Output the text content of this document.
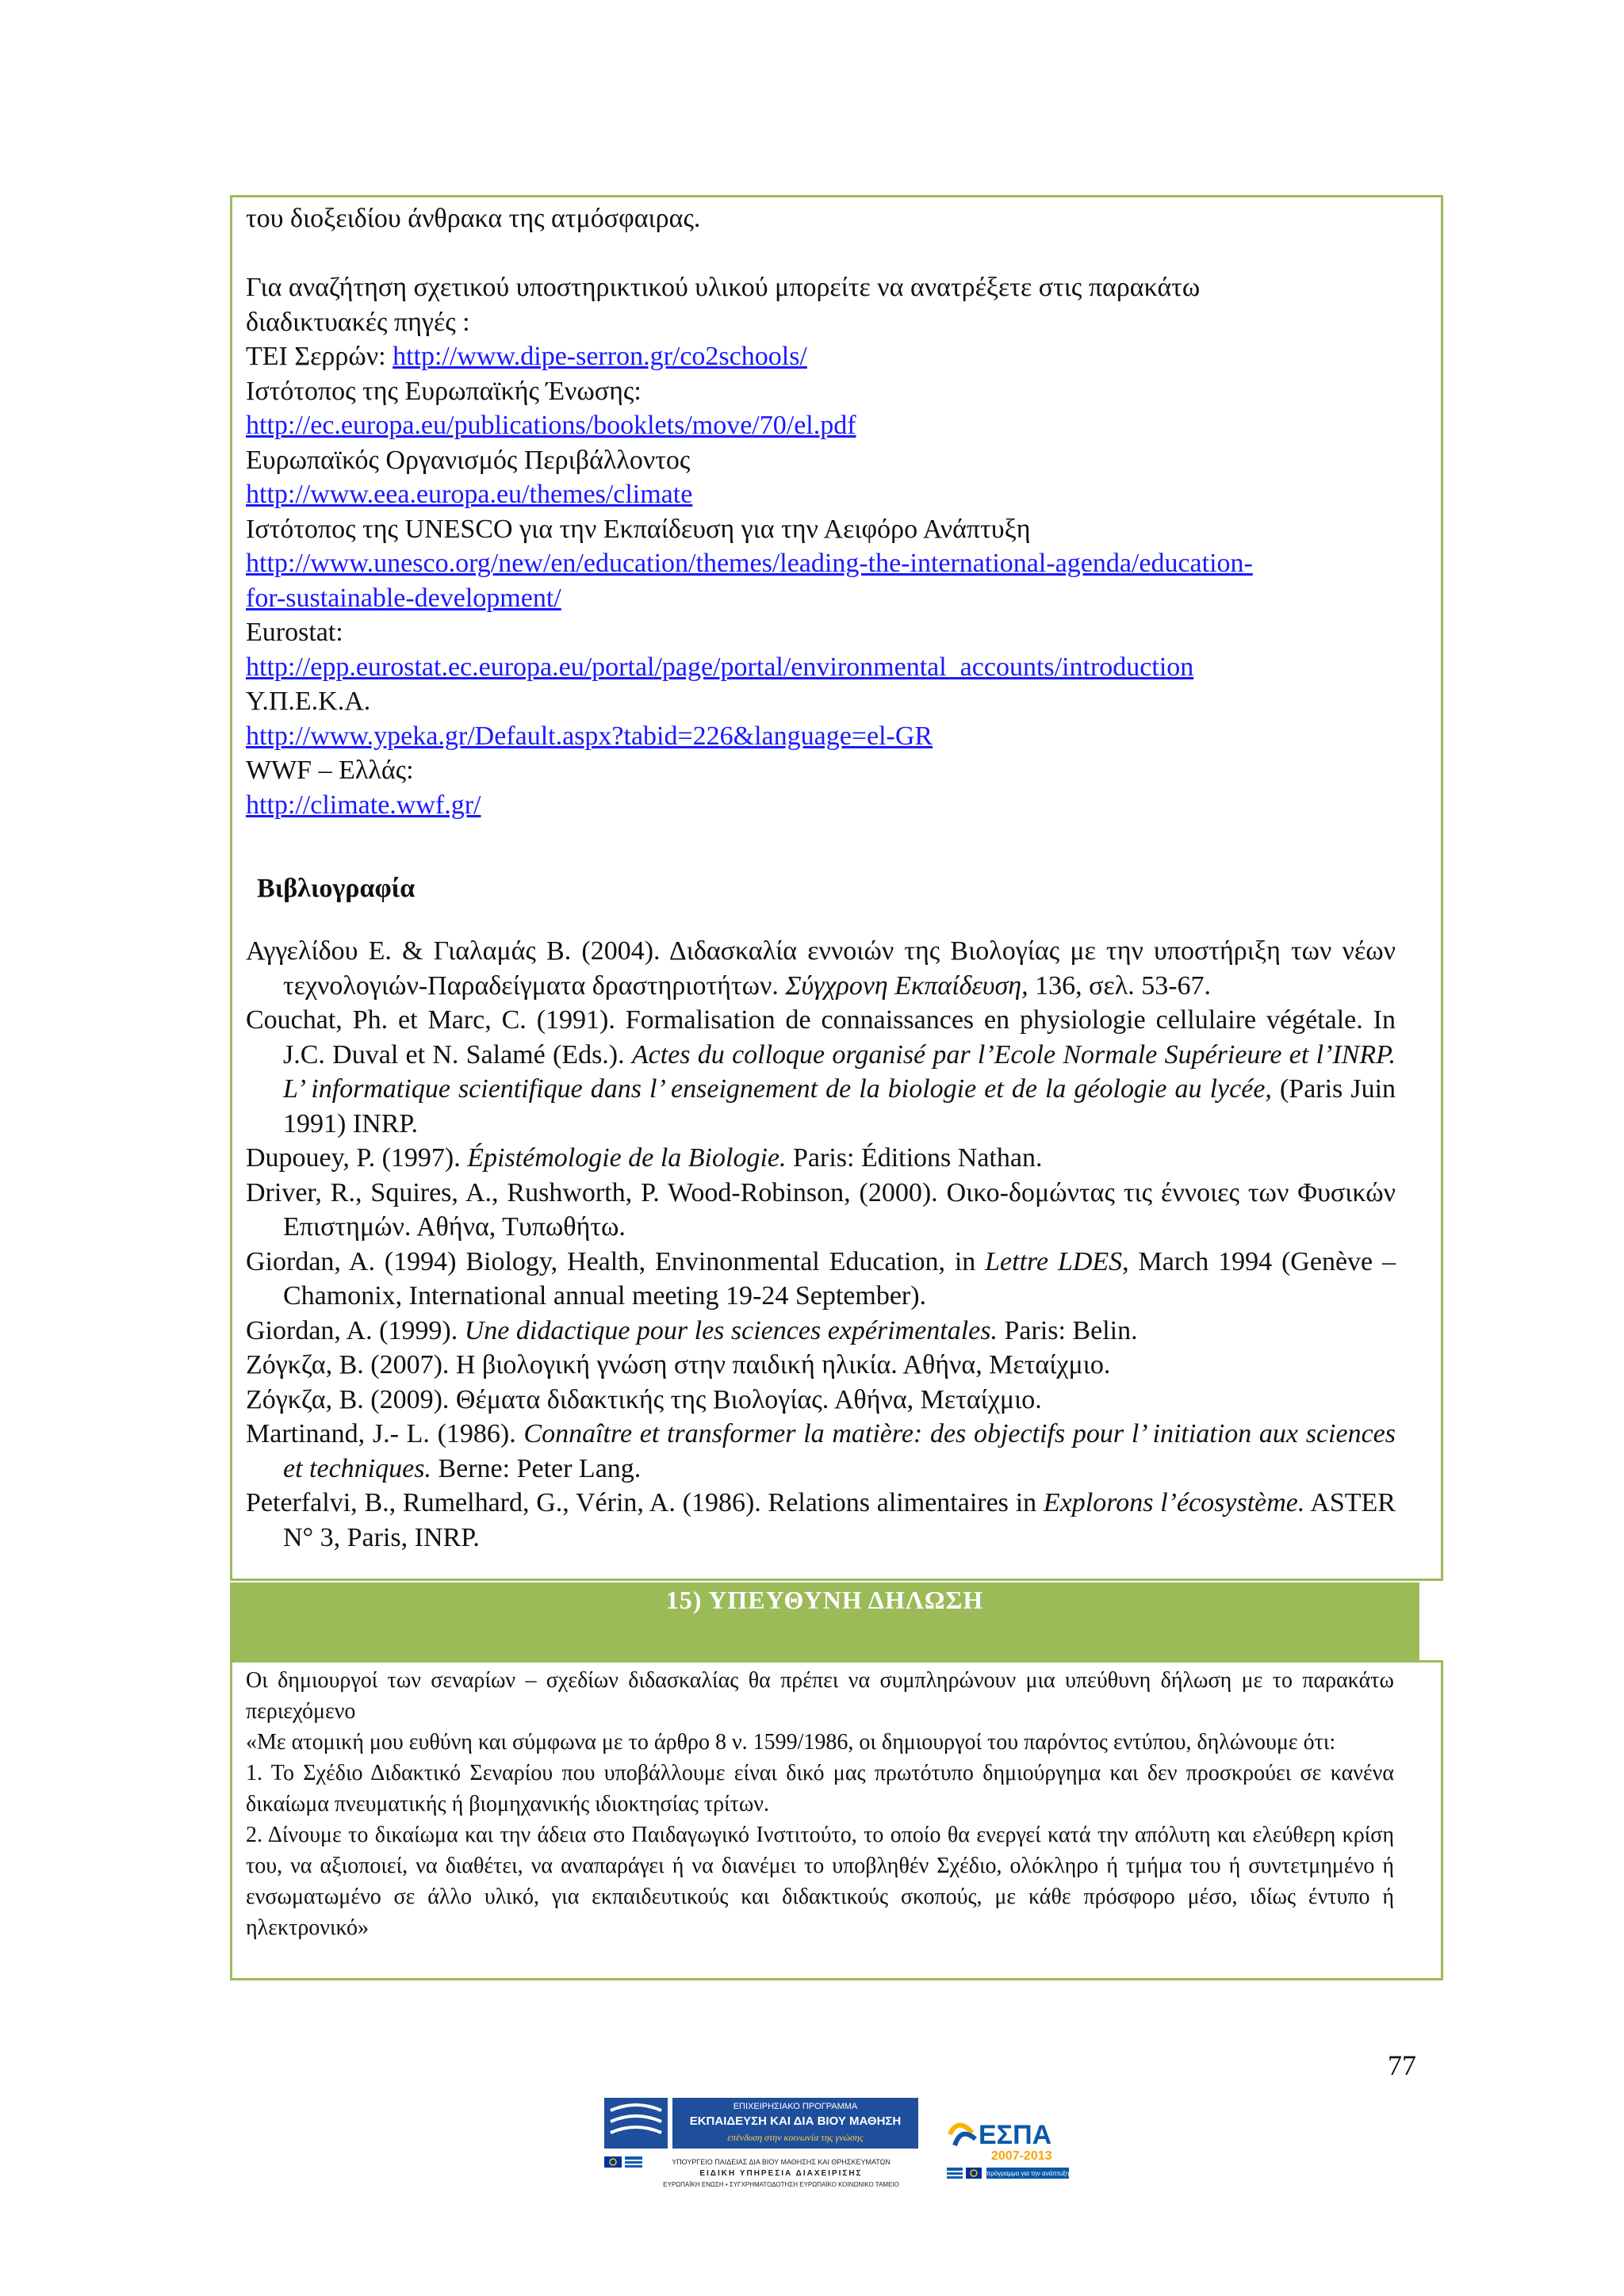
του διοξειδίου άνθρακα της ατμόσφαιρας.
Για αναζήτηση σχετικού υποστηρικτικού υλικού μπορείτε να ανατρέξετε στις παρακάτω
διαδικτυακές πηγές :
ΤΕΙ Σερρών: http://www.dipe-serron.gr/co2schools/
Ιστότοπος της Ευρωπαϊκής Ένωσης:
http://ec.europa.eu/publications/booklets/move/70/el.pdf
Ευρωπαϊκός Οργανισμός Περιβάλλοντος
http://www.eea.europa.eu/themes/climate
Ιστότοπος της UNESCO για την Εκπαίδευση για την Αειφόρο Ανάπτυξη
http://www.unesco.org/new/en/education/themes/leading-the-international-agenda/education-
for-sustainable-development/
Eurostat:
http://epp.eurostat.ec.europa.eu/portal/page/portal/environmental_accounts/introduction
Υ.Π.Ε.Κ.Α.
http://www.ypeka.gr/Default.aspx?tabid=226&language=el-GR
WWF – Ελλάς:
http://climate.wwf.gr/
Βιβλιογραφία
Αγγελίδου Ε. & Γιαλαμάς Β. (2004). Διδασκαλία εννοιών της Βιολογίας με την υποστήριξη των νέων τεχνολογιών-Παραδείγματα δραστηριοτήτων. Σύγχρονη Εκπαίδευση, 136, σελ. 53-67.
Couchat, Ph. et Marc, C. (1991). Formalisation de connaissances en physiologie cellulaire végétale. In J.C. Duval et N. Salamé (Eds.). Actes du colloque organisé par l’Ecole Normale Supérieure et l’INRP. L’ informatique scientifique dans l’ enseignement de la biologie et de la géologie au lycée, (Paris Juin 1991) INRP.
Dupouey, P. (1997). Épistémologie de la Biologie. Paris: Éditions Nathan.
Driver, R., Squires, A., Rushworth, P. Wood-Robinson, (2000). Οικο-δομώντας τις έννοιες των Φυσικών Επιστημών. Αθήνα, Τυπωθήτω.
Giordan, A. (1994) Biology, Health, Envinonmental Education, in Lettre LDES, March 1994 (Genève – Chamonix, International annual meeting 19-24 September).
Giordan, A. (1999). Une didactique pour les sciences expérimentales. Paris: Belin.
Ζόγκζα, Β. (2007). Η βιολογική γνώση στην παιδική ηλικία. Αθήνα, Μεταίχμιο.
Ζόγκζα, Β. (2009). Θέματα διδακτικής της Βιολογίας. Αθήνα, Μεταίχμιο.
Martinand, J.- L. (1986). Connaître et transformer la matière: des objectifs pour l’ initiation aux sciences et techniques. Berne: Peter Lang.
Peterfalvi, B., Rumelhard, G., Vérin, A. (1986). Relations alimentaires in Explorons l’écosystème. ASTER N° 3, Paris, INRP.
15) ΥΠΕΥΘΥΝΗ ΔΗΛΩΣΗ
Οι δημιουργοί των σεναρίων – σχεδίων διδασκαλίας θα πρέπει να συμπληρώνουν μια υπεύθυνη δήλωση με το παρακάτω περιεχόμενο
«Με ατομική μου ευθύνη και σύμφωνα με το άρθρο 8 ν. 1599/1986, οι δημιουργοί του παρόντος εντύπου, δηλώνουμε ότι:
1. Το Σχέδιο Διδακτικό Σεναρίου που υποβάλλουμε είναι δικό μας πρωτότυπο δημιούργημα και δεν προσκρούει σε κανένα δικαίωμα πνευματικής ή βιομηχανικής ιδιοκτησίας τρίτων.
2. Δίνουμε το δικαίωμα και την άδεια στο Παιδαγωγικό Ινστιτούτο, το οποίο θα ενεργεί κατά την απόλυτη και ελεύθερη κρίση του, να αξιοποιεί, να διαθέτει, να αναπαράγει ή να διανέμει το υποβληθέν Σχέδιο, ολόκληρο ή τμήμα του ή συντετμημένο ή ενσωματωμένο σε άλλο υλικό, για εκπαιδευτικούς και διδακτικούς σκοπούς, με κάθε πρόσφορο μέσο, ιδίως έντυπο ή ηλεκτρονικό»
77
ΕΠΙΧΕΙΡΗΣΙΑΚΟ ΠΡΟΓΡΑΜΜΑ
ΕΚΠΑΙΔΕΥΣΗ ΚΑΙ ΔΙΑ ΒΙΟΥ ΜΑΘΗΣΗ
επένδυση στην κοινωνία της γνώσης
ΥΠΟΥΡΓΕΙΟ ΠΑΙΔΕΙΑΣ ΔΙΑ ΒΙΟΥ ΜΑΘΗΣΗΣ ΚΑΙ ΘΡΗΣΚΕΥΜΑΤΩΝ
ΕΙΔΙΚΗ ΥΠΗΡΕΣΙΑ ΔΙΑΧΕΙΡΙΣΗΣ
ΕΥΡΩΠΑΪΚΗ ΕΝΩΣΗ • ΣΥΓΧΡΗΜΑΤΟΔΟΤΗΣΗ ΕΥΡΩΠΑΪΚΟ ΚΟΙΝΩΝΙΚΟ ΤΑΜΕΙΟ
ΕΣΠΑ
2007-2013
πρόγραμμα για την ανάπτυξη
